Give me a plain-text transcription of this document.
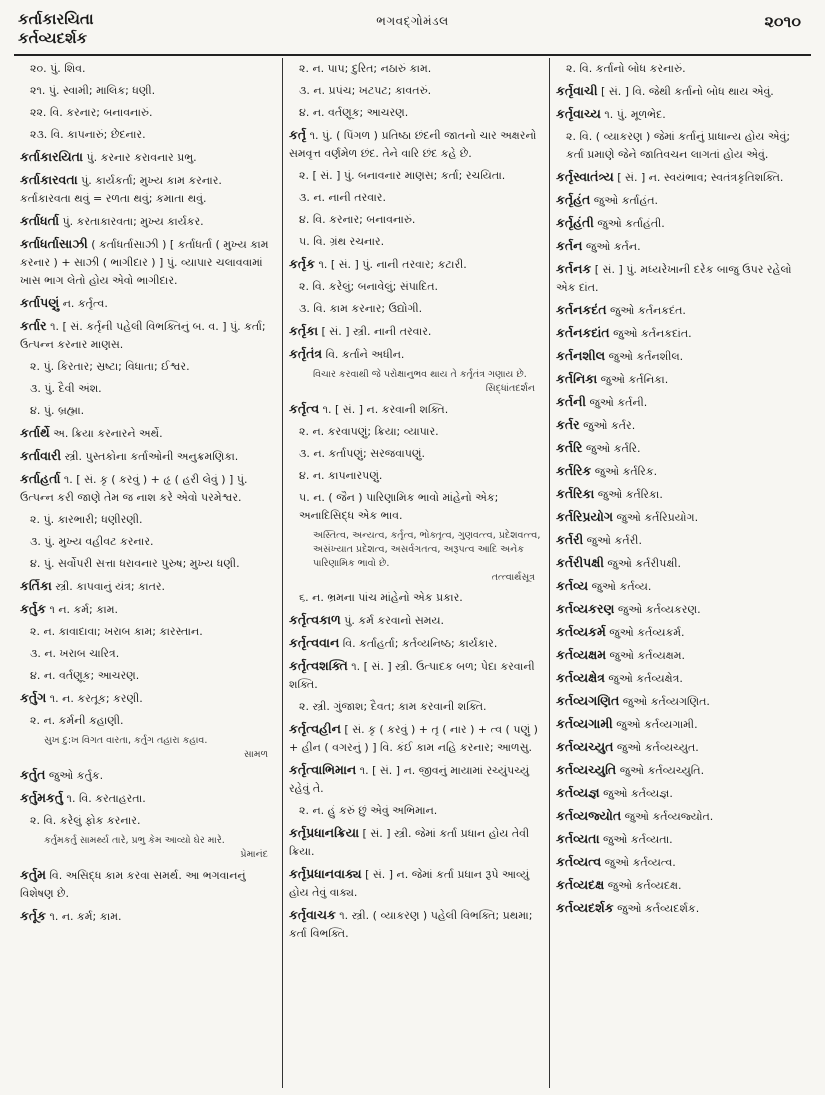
કર્તાકારયિતા
કર્તવ્યદર્શક
ભગવદ્ગોમંડલ	૨૦૧૦
૨૦. પું. શિવ.
૨૧. પું. સ્વામી; માલિક; ધણી.
૨૨. વિ. કરનાર; બનાવનારું.
૨૩. વિ. કાપનારું; છેદનાર.
કર્તાકારયિતા પું. કરનાર કરાવનાર પ્રભુ.
કર્તાકારવતા પું. કાર્યકર્તા; મુખ્ય કામ કરનાર. કર્તાકારવતા થવું = રળતા થવું; કમાતા થવું.
કર્તાધર્તા પું. કરતાકારવતા; મુખ્ય કાર્યકર.
કર્તાધર્તાસાઝી ( કર્તાધર્તાસાઝી ) [ કર્તાધર્તા ( મુખ્ય કામ કરનાર ) + સાઝી ( ભાગીદાર ) ] પું. વ્યાપાર ચલાવવામાં ખાસ ભાગ લેતો હોય એવો ભાગીદાર.
કર્તાપણું ન. કર્તૃત્વ.
કર્તાર ૧. [ સં. કર્તૃની પહેલી વિભક્તિનું બ. વ. ] પું. કર્તા; ઉત્પન્ન કરનાર માણસ.
૨. પું. કિરતાર; સ્રષ્ટા; વિધાતા; ઈશ્વર.
૩. પું. દૈવી અંશ.
૪. પું. બ્રહ્મા.
કર્તાર્થે અ. ક્રિયા કરનારને અર્થે.
કર્તાવારી સ્ત્રી. પુસ્તકોના કર્તાઓની અનુક્રમણિકા.
કર્તાહર્તા ૧. [ સં. કૃ ( કરવું ) + હૃ ( હરી લેવું ) ] પું. ઉત્પન્ન કરી જાણે તેમ જ નાશ કરે એવો પરમેશ્વર.
૨. પું. કારભારી; ધણીરણી.
૩. પું. મુખ્ય વહીવટ કરનાર.
૪. પું. સર્વોપરી સત્તા ધરાવનાર પુરુષ; મુખ્ય ધણી.
કર્તિકા સ્ત્રી. કાપવાનું યંત્ર; કાતર.
કર્તુક ૧ ન. કર્મ; કામ.
૨. ન. કાવાદાવા; ખરાબ કામ; કારસ્તાન.
૩. ન. ખરાબ ચારિત્ર.
૪. ન. વર્તણૂક; આચરણ.
કર્તુગ ૧. ન. કરતૂક; કરણી.
૨. ન. કર્મની કહાણી.
સુખ દુ:ખ વિગત વારતા, કર્તુગ તહારા કહાવ.
સામળ
કર્તુત જુઓ કર્તુક.
કર્તુમકર્તુ ૧. વિ. કરતાહરતા.
૨. વિ. કરેલું ફોક કરનાર.
કર્તુમકર્તુ સામર્થ્ય તારે, પ્રભુ કેમ આવ્યો ઘેર મારે.
પ્રેમાનંદ
કર્તુમ વિ. અસિદ્ધ કામ કરવા સમર્થ. આ ભગવાનનું વિશેષણ છે.
કર્તૂક ૧. ન. કર્મ; કામ.
૨. ન. પાપ; દુરિત; નઠારું કામ.
૩. ન. પ્રપંચ; ખટપટ; કાવતરું.
૪. ન. વર્તણૂક; આચરણ.
કર્તૃ ૧. પું. ( પિંગળ ) પ્રતિષ્ઠા છંદની જાતનો ચાર અક્ષરનો સમવૃત્ત વર્ણમેળ છંદ. તેને વારિ છંદ કહે છે.
૨. [ સં. ] પું. બનાવનાર માણસ; કર્તા; રચયિતા.
૩. ન. નાની તરવાર.
૪. વિ. કરનાર; બનાવનારું.
૫. વિ. ગ્રંથ રચનાર.
કર્તૃક ૧. [ સં. ] પું. નાની તરવાર; કટારી.
૨. વિ. કરેલું; બનાવેલું; સંપાદિત.
૩. વિ. કામ કરનાર; ઉદ્યોગી.
કર્તૃકા [ સં. ] સ્ત્રી. નાની તરવાર.
કર્તૃતંત્ર વિ. કર્તાને અધીન.
વિચાર કરવાથી જે પરોક્ષાનુભવ થાય તે કર્તૃતંત્ર ગણાય છે.
સિદ્ધાંતદર્શન
કર્તૃત્વ ૧. [ સં. ] ન. કરવાની શક્તિ.
૨. ન. કરવાપણું; ક્રિયા; વ્યાપાર.
૩. ન. કર્તાપણું; સરજવાપણું.
૪. ન. કાપનારપણું.
૫. ન. ( જૈન ) પારિણામિક ભાવો માંહેનો એક; અનાદિસિદ્ધ એક ભાવ.
અસ્તિત્વ, અન્યત્વ, કર્તૃત્વ, ભોક્તૃત્વ, ગુણવત્ત્વ, પ્રદેશવત્ત્વ, અસંખ્યાત પ્રદેશત્વ, અસર્વગતત્વ, અરૂપત્વ આદિ અનેક પારિણામિક ભાવો છે.
તત્ત્વાર્થસૂત્ર
૬. ન. ભ્રમના પાંચ માંહેનો એક પ્રકાર.
કર્તૃત્વકાળ પું. કર્મ કરવાનો સમય.
કર્તૃત્વવાન વિ. કર્તાહર્તા; કર્તવ્યનિષ્ઠ; કાર્યકાર.
કર્તૃત્વશક્તિ ૧. [ સં. ] સ્ત્રી. ઉત્પાદક બળ; પેદા કરવાની શક્તિ.
૨. સ્ત્રી. ગુંજાશ; દૈવત; કામ કરવાની શક્તિ.
કર્તૃત્વહીન [ સં. કૃ ( કરવું ) + તૃ ( નાર ) + ત્વ ( પણું ) + હીન ( વગરનું ) ] વિ. કંઈ કામ નહિ કરનાર; આળસુ.
કર્તૃત્વાભિમાન ૧. [ સં. ] ન. જીવનું માયામાં રચ્યુંપચ્યું રહેવું તે.
૨. ન. હું કરું છું એવું અભિમાન.
કર્તૃપ્રધાનક્રિયા [ સં. ] સ્ત્રી. જેમાં કર્તા પ્રધાન હોય તેવી ક્રિયા.
કર્તૃપ્રધાનવાક્ય [ સં. ] ન. જેમાં કર્તા પ્રધાન રૂપે આવ્યું હોય તેવું વાક્ય.
કર્તૃવાચક ૧. સ્ત્રી. ( વ્યાકરણ ) પહેલી વિભક્તિ; પ્રથમા; કર્તા વિભક્તિ.
૨. વિ. કર્તાનો બોધ કરનારું.
કર્તૃવાચી [ સં. ] વિ. જેથી કર્તાનો બોધ થાય એવું.
કર્તૃવાચ્ય ૧. પું. મૂળભેદ.
૨. વિ. ( વ્યાકરણ ) જેમાં કર્તાનું પ્રાધાન્ય હોય એવું; કર્તા પ્રમાણે જેને જાતિવચન લાગતાં હોય એવું.
કર્તૃસ્વાતંત્ર્ય [ સં. ] ન. સ્વયંભાવ; સ્વતંત્રકૃતિશક્તિ.
કર્તૃહંત જુઓ કર્તાહંત.
કર્તૃહંતી જુઓ કર્તાહંતી.
કર્તન જુઓ કર્તન.
કર્તનક [ સં. ] પું. મધ્યરેખાની દરેક બાજુ ઉપર રહેલો એક દાંત.
કર્તનકદંત જુઓ કર્તનકદંત.
કર્તનકદાંત જુઓ કર્તનકદાંત.
કર્તનશીલ જુઓ કર્તનશીલ.
કર્તનિકા જુઓ કર્તનિકા.
કર્તની જુઓ કર્તની.
કર્તર જુઓ કર્તર.
કર્તરિ જુઓ કર્તરિ.
કર્તરિક જુઓ કર્તરિક.
કર્તરિકા જુઓ કર્તરિકા.
કર્તરિપ્રયોગ જુઓ કર્તરિપ્રયોગ.
કર્તરી જુઓ કર્તરી.
કર્તરીપક્ષી જુઓ કર્તરીપક્ષી.
કર્તવ્ય જુઓ કર્તવ્ય.
કર્તવ્યકરણ જુઓ કર્તવ્યકરણ.
કર્તવ્યકર્મ જુઓ કર્તવ્યકર્મ.
કર્તવ્યક્ષમ જુઓ કર્તવ્યક્ષમ.
કર્તવ્યક્ષેત્ર જુઓ કર્તવ્યક્ષેત્ર.
કર્તવ્યગણિત જુઓ કર્તવ્યગણિત.
કર્તવ્યગામી જુઓ કર્તવ્યગામી.
કર્તવ્યચ્યુત જુઓ કર્તવ્યચ્યુત.
કર્તવ્યચ્યુતિ જુઓ કર્તવ્યચ્યુતિ.
કર્તવ્યજ્ઞ જુઓ કર્તવ્યજ્ઞ.
કર્તવ્યજ્યોત જુઓ કર્તવ્યજ્યોત.
કર્તવ્યતા જુઓ કર્તવ્યતા.
કર્તવ્યત્વ જુઓ કર્તવ્યત્વ.
કર્તવ્યદક્ષ જુઓ કર્તવ્યદક્ષ.
કર્તવ્યદર્શક જુઓ કર્તવ્યદર્શક.
